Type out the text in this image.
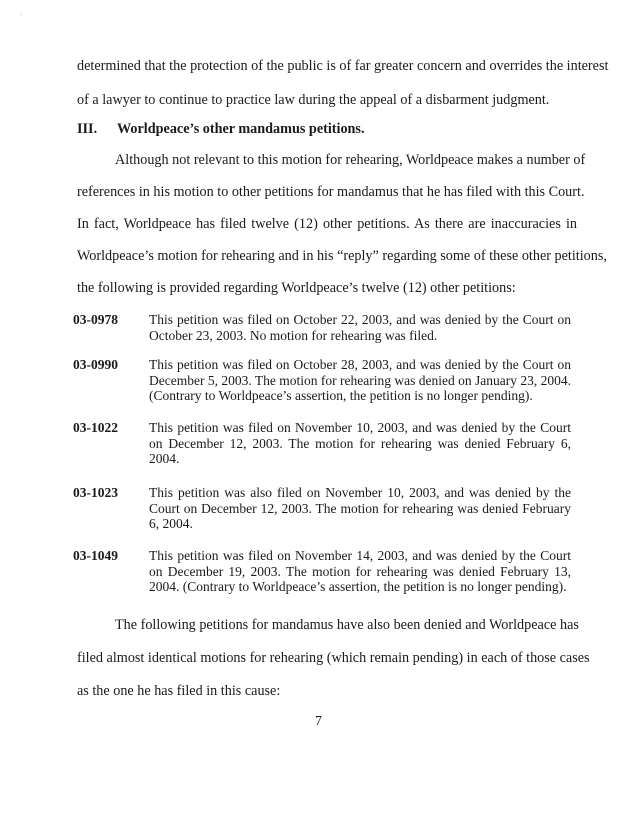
°
determined that the protection of the public is of far greater concern and overrides the interest
of a lawyer to continue to practice law during the appeal of a disbarment judgment.
III. Worldpeace’s other mandamus petitions.
Although not relevant to this motion for rehearing, Worldpeace makes a number of
references in his motion to other petitions for mandamus that he has filed with this Court.
In fact, Worldpeace has filed twelve (12) other petitions. As there are inaccuracies in
Worldpeace’s motion for rehearing and in his “reply” regarding some of these other petitions,
the following is provided regarding Worldpeace’s twelve (12) other petitions:
03-0978 This petition was filed on October 22, 2003, and was denied by the Court on October 23, 2003. No motion for rehearing was filed.
03-0990 This petition was filed on October 28, 2003, and was denied by the Court on December 5, 2003. The motion for rehearing was denied on January 23, 2004. (Contrary to Worldpeace’s assertion, the petition is no longer pending).
03-1022 This petition was filed on November 10, 2003, and was denied by the Court on December 12, 2003. The motion for rehearing was denied February 6, 2004.
03-1023 This petition was also filed on November 10, 2003, and was denied by the Court on December 12, 2003. The motion for rehearing was denied February 6, 2004.
03-1049 This petition was filed on November 14, 2003, and was denied by the Court on December 19, 2003. The motion for rehearing was denied February 13, 2004. (Contrary to Worldpeace’s assertion, the petition is no longer pending).
The following petitions for mandamus have also been denied and Worldpeace has
filed almost identical motions for rehearing (which remain pending) in each of those cases
as the one he has filed in this cause:
7
